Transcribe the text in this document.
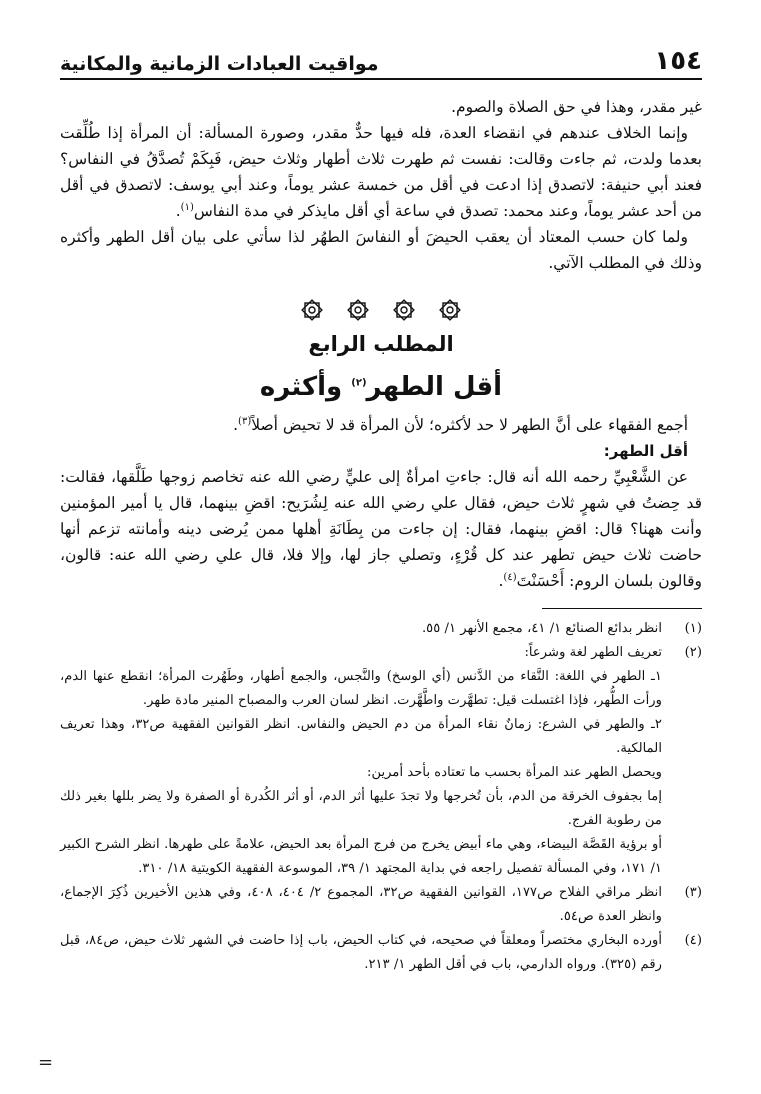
١٥٤
مواقيت العبادات الزمانية والمكانية

غير مقدر، وهذا في حق الصلاة والصوم.

وإنما الخلاف عندهم في انقضاء العدة، فله فيها حدٌّ مقدر، وصورة المسألة: أن المرأة إذا طُلِّقت بعدما ولدت، ثم جاءت وقالت: نفست ثم طهرت ثلاث أطهار وثلاث حيض، فَبِكَمْ تُصدَّقُ في النفاس؟ فعند أبي حنيفة: لاتصدق إذا ادعت في أقل من خمسة عشر يوماً، وعند أبي يوسف: لاتصدق في أقل من أحد عشر يوماً، وعند محمد: تصدق في ساعة أي أقل مايذكر في مدة النفاس$^{(١)}$.

ولما كان حسب المعتاد أن يعقب الحيضَ أو النفاسَ الطهُر لذا سأتي على بيان أقل الطهر وأكثره وذلك في المطلب الآتي.

المطلب الرابع
أقل الطهر$^{(٢)}$ وأكثره

أجمع الفقهاء على أنَّ الطهر لا حد لأكثره؛ لأن المرأة قد لا تحيض أصلاً$^{(٣)}$.

أقل الطهر:

عن الشَّعْبِيِّ رحمه الله أنه قال: جاءتِ امرأةٌ إلى عليٍّ رضي الله عنه تخاصم زوجها طَلَّقها، فقالت: قد حِضتُ في شهرٍ ثلاث حيض، فقال علي رضي الله عنه لِشُرَيح: اقضِ بينهما، قال يا أمير المؤمنين وأنت ههنا؟ قال: اقضِ بينهما، فقال: إن جاءت من بِطَانَةِ أهلها ممن يُرضى دينه وأمانته تزعم أنها حاضت ثلاث حيض تطهر عند كل قُرْءٍ، وتصلي جاز لها، وإلا فلا، قال علي رضي الله عنه: قالون، وقالون بلسان الروم: أَحْسَنْتَ$^{(٤)}$.

(١)

انظر بدائع الصنائع ١/ ٤١، مجمع الأنهر ١/ ٥٥.

(٢)

تعريف الطهر لغة وشرعاً:

١ـ الطهر في اللغة: النَّقاء من الدَّنس (أي الوسخ) والنَّجس، والجمع أطهار، وطَهُرت المرأة؛ انقطع عنها الدم، ورأت الطُّهر، فإذا اغتسلت قيل: تطهَّرت واطَّهَّرت. انظر لسان العرب والمصباح المنير مادة طهر.

٢ـ والطهر في الشرع: زمانٌ نقاء المرأة من دم الحيض والنفاس. انظر القوانين الفقهية ص٣٢، وهذا تعريف المالكية.

ويحصل الطهر عند المرأة بحسب ما تعتاده بأحد أمرين:

إما بجفوف الخرقة من الدم، بأن تُخرجها ولا تجدَ عليها أثر الدم، أو أثر الكُدرة أو الصفرة ولا يضر بللها بغير ذلك من رطوبة الفرج.

أو برؤية القَصَّة البيضاء، وهي ماء أبيض يخرج من فرج المرأة بعد الحيض، علامةً على طهرها. انظر الشرح الكبير ١/ ١٧١، وفي المسألة تفصيل راجعه في بداية المجتهد ١/ ٣٩، الموسوعة الفقهية الكويتية ١٨/ ٣١٠.

(٣)

انظر مراقي الفلاح ص١٧٧، القوانين الفقهية ص٣٢، المجموع ٢/ ٤٠٤، ٤٠٨، وفي هذين الأخيرين ذُكِرَ الإجماع، وانظر العدة ص٥٤.

(٤)

أورده البخاري مختصراً ومعلقاً في صحيحه، في كتاب الحيض، باب إذا حاضت في الشهر ثلاث حيض، ص٨٤، قبل رقم (٣٢٥). ورواه الدارمي، باب في أقل الطهر ١/ ٢١٣.

=
